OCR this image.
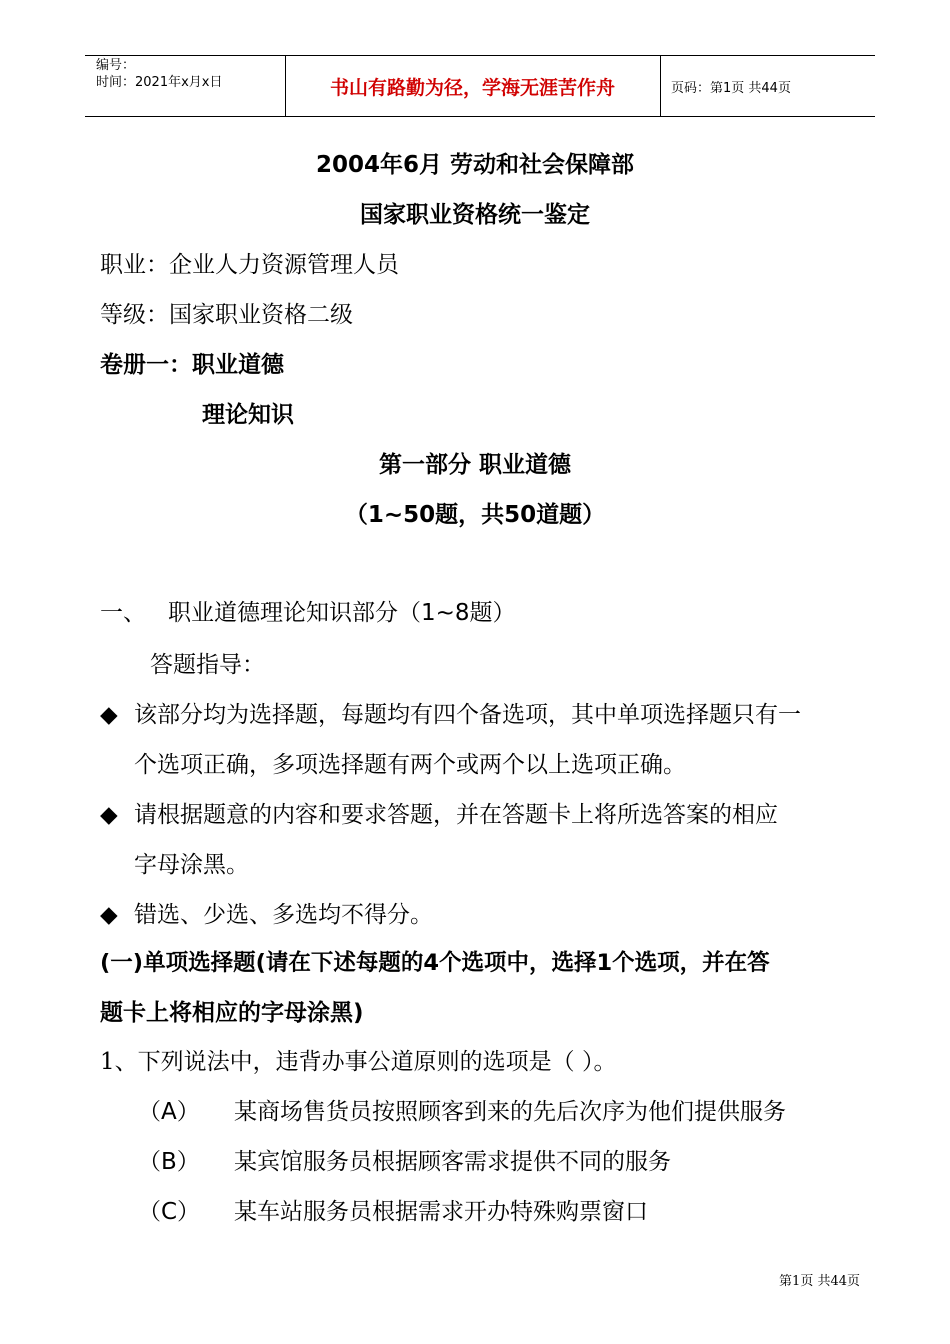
编号：
时间：2021年x月x日	书山有路勤为径，学海无涯苦作舟	页码：第1页 共44页
2004年6月 劳动和社会保障部
国家职业资格统一鉴定
职业：企业人力资源管理人员
等级：国家职业资格二级
卷册一：职业道德
理论知识
第一部分 职业道德
（1~50题，共50道题）
一、 职业道德理论知识部分（1~8题）
答题指导：
◆ 该部分均为选择题，每题均有四个备选项，其中单项选择题只有一
个选项正确，多项选择题有两个或两个以上选项正确。
◆ 请根据题意的内容和要求答题，并在答题卡上将所选答案的相应
字母涂黑。
◆ 错选、少选、多选均不得分。
(一)单项选择题(请在下述每题的4个选项中，选择1个选项，并在答
题卡上将相应的字母涂黑)
1、下列说法中，违背办事公道原则的选项是（ ）。
（A） 某商场售货员按照顾客到来的先后次序为他们提供服务
（B） 某宾馆服务员根据顾客需求提供不同的服务
（C） 某车站服务员根据需求开办特殊购票窗口
第1页 共44页
